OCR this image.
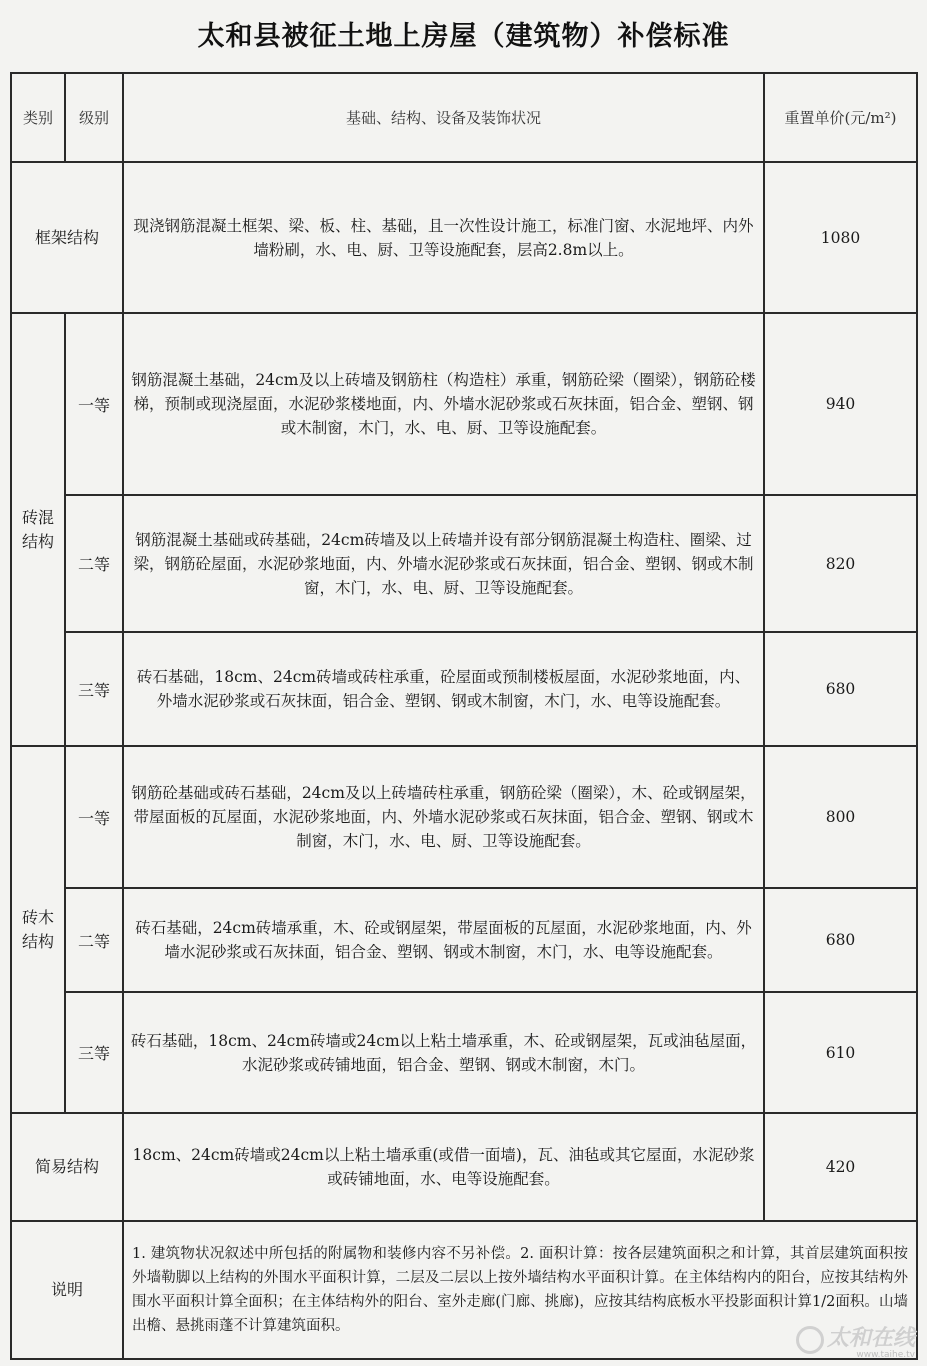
太和县被征土地上房屋（建筑物）补偿标准
类别	级别	基础、结构、设备及装饰状况	重置单价(元/m²)
框架结构		现浇钢筋混凝土框架、梁、板、柱、基础，且一次性设计施工，标准门窗、水泥地坪、内外墙粉刷，水、电、厨、卫等设施配套，层高2.8m以上。	1080
砖混结构	一等	钢筋混凝土基础，24cm及以上砖墙及钢筋柱（构造柱）承重，钢筋砼梁（圈梁），钢筋砼楼梯，预制或现浇屋面，水泥砂浆楼地面，内、外墙水泥砂浆或石灰抹面，铝合金、塑钢、钢或木制窗，木门，水、电、厨、卫等设施配套。	940
	二等	钢筋混凝土基础或砖基础，24cm砖墙及以上砖墙并设有部分钢筋混凝土构造柱、圈梁、过梁，钢筋砼屋面，水泥砂浆地面，内、外墙水泥砂浆或石灰抹面，铝合金、塑钢、钢或木制窗，木门，水、电、厨、卫等设施配套。	820
	三等	砖石基础，18cm、24cm砖墙或砖柱承重，砼屋面或预制楼板屋面，水泥砂浆地面，内、外墙水泥砂浆或石灰抹面，铝合金、塑钢、钢或木制窗，木门，水、电等设施配套。	680
砖木结构	一等	钢筋砼基础或砖石基础，24cm及以上砖墙砖柱承重，钢筋砼梁（圈梁），木、砼或钢屋架，带屋面板的瓦屋面，水泥砂浆地面，内、外墙水泥砂浆或石灰抹面，铝合金、塑钢、钢或木制窗，木门，水、电、厨、卫等设施配套。	800
	二等	砖石基础，24cm砖墙承重，木、砼或钢屋架，带屋面板的瓦屋面，水泥砂浆地面，内、外墙水泥砂浆或石灰抹面，铝合金、塑钢、钢或木制窗，木门，水、电等设施配套。	680
	三等	砖石基础，18cm、24cm砖墙或24cm以上粘土墙承重，木、砼或钢屋架，瓦或油毡屋面，水泥砂浆或砖铺地面，铝合金、塑钢、钢或木制窗，木门。	610
简易结构		18cm、24cm砖墙或24cm以上粘土墙承重(或借一面墙)，瓦、油毡或其它屋面，水泥砂浆或砖铺地面，水、电等设施配套。	420
说明		1. 建筑物状况叙述中所包括的附属物和装修内容不另补偿。2. 面积计算：按各层建筑面积之和计算，其首层建筑面积按外墙勒脚以上结构的外围水平面积计算，二层及二层以上按外墙结构水平面积计算。在主体结构内的阳台，应按其结构外围水平面积计算全面积；在主体结构外的阳台、室外走廊(门廊、挑廊)，应按其结构底板水平投影面积计算1/2面积。山墙出檐、悬挑雨蓬不计算建筑面积。		太和在线
www.taihe.tv
